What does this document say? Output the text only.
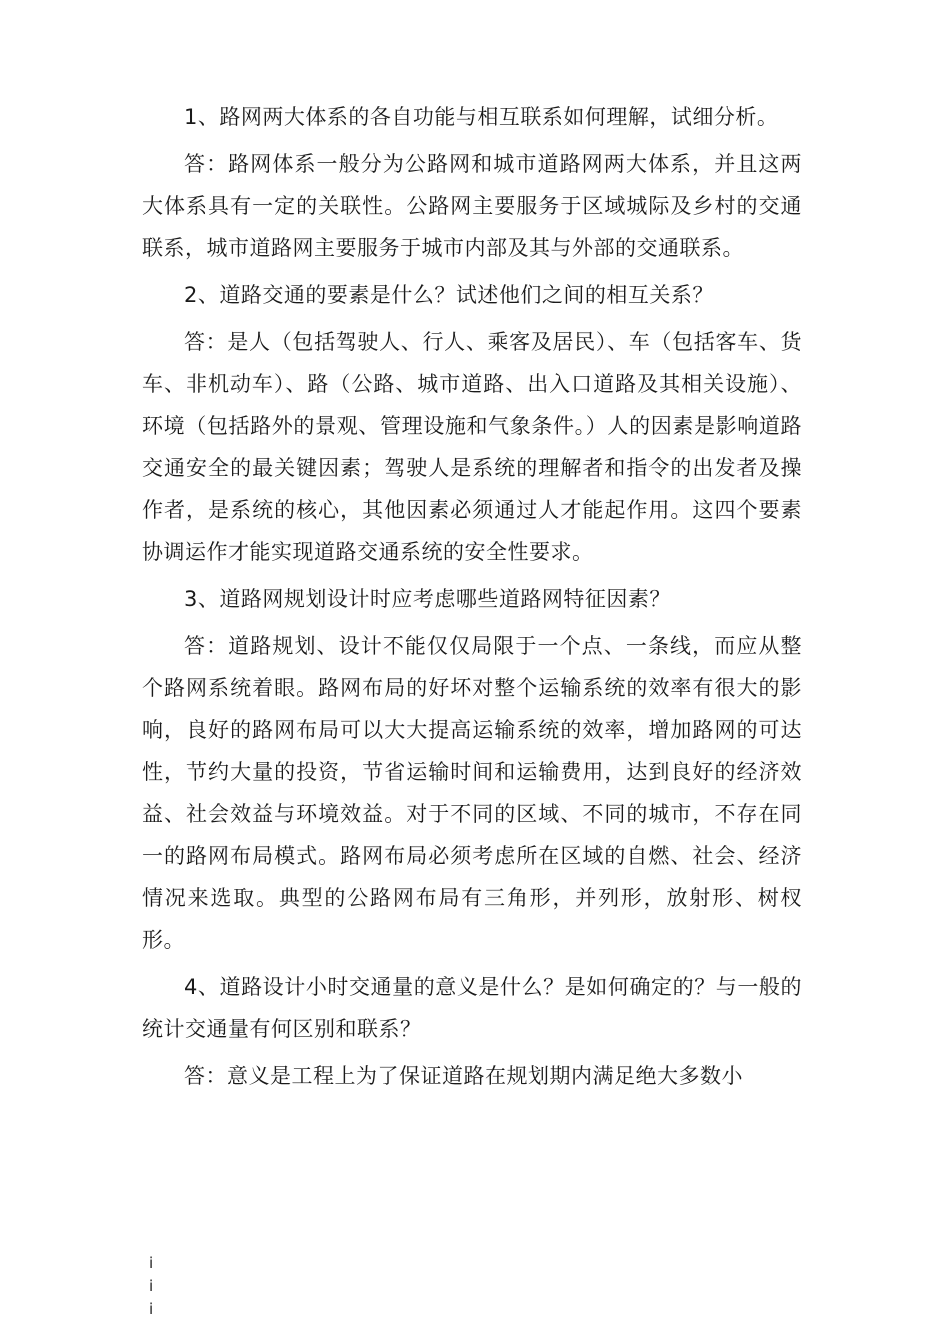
1、路网两大体系的各自功能与相互联系如何理解，试细分析。

答：路网体系一般分为公路网和城市道路网两大体系，并且这两大体系具有一定的关联性。公路网主要服务于区域城际及乡村的交通联系，城市道路网主要服务于城市内部及其与外部的交通联系。

2、道路交通的要素是什么？试述他们之间的相互关系？

答：是人（包括驾驶人、行人、乘客及居民）、车（包括客车、货车、非机动车）、路（公路、城市道路、出入口道路及其相关设施）、环境（包括路外的景观、管理设施和气象条件。）人的因素是影响道路交通安全的最关键因素；驾驶人是系统的理解者和指令的出发者及操作者，是系统的核心，其他因素必须通过人才能起作用。这四个要素协调运作才能实现道路交通系统的安全性要求。

3、道路网规划设计时应考虑哪些道路网特征因素？

答：道路规划、设计不能仅仅局限于一个点、一条线，而应从整个路网系统着眼。路网布局的好坏对整个运输系统的效率有很大的影响，良好的路网布局可以大大提高运输系统的效率，增加路网的可达性，节约大量的投资，节省运输时间和运输费用，达到良好的经济效益、社会效益与环境效益。对于不同的区域、不同的城市，不存在同一的路网布局模式。路网布局必须考虑所在区域的自燃、社会、经济情况来选取。典型的公路网布局有三角形，并列形，放射形、树杈形。

4、道路设计小时交通量的意义是什么？是如何确定的？与一般的统计交通量有何区别和联系？

答：意义是工程上为了保证道路在规划期内满足绝大多数小

i
i
i
